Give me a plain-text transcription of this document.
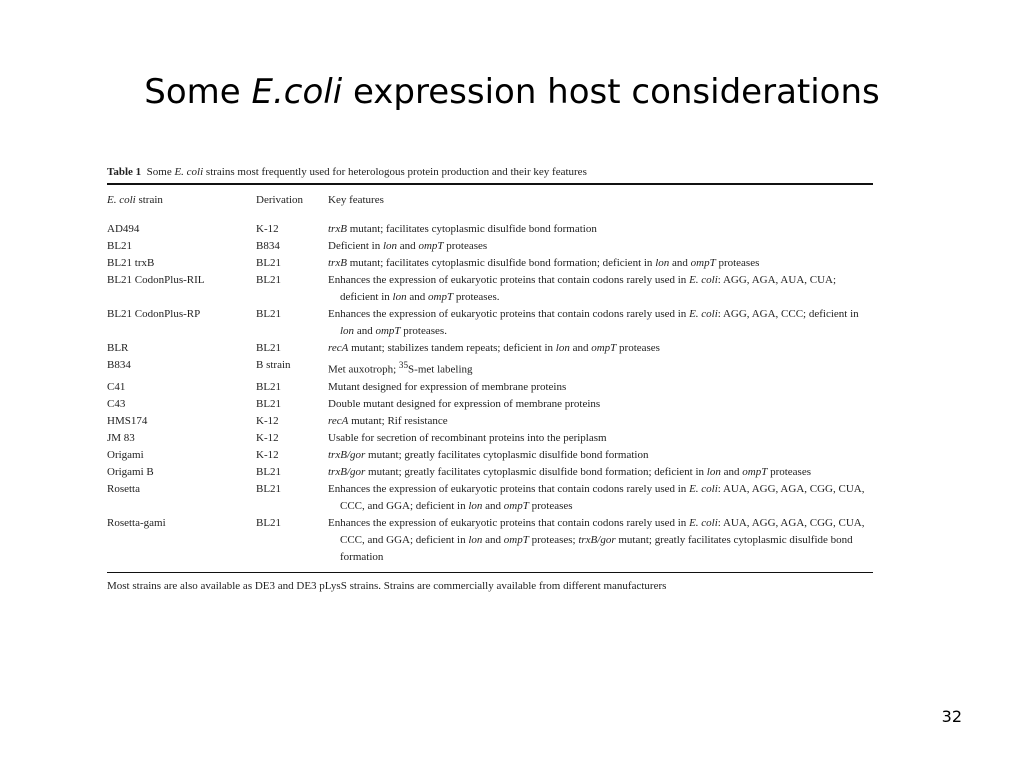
Some E.coli expression host considerations
Table 1 Some E. coli strains most frequently used for heterologous protein production and their key features
E. coli strain	Derivation	Key features
AD494	K-12	trxB mutant; facilitates cytoplasmic disulfide bond formation
BL21	B834	Deficient in lon and ompT proteases
BL21 trxB	BL21	trxB mutant; facilitates cytoplasmic disulfide bond formation; deficient in lon and ompT proteases
BL21 CodonPlus-RIL	BL21	Enhances the expression of eukaryotic proteins that contain codons rarely used in E. coli: AGG, AGA, AUA, CUA; deficient in lon and ompT proteases.
BL21 CodonPlus-RP	BL21	Enhances the expression of eukaryotic proteins that contain codons rarely used in E. coli: AGG, AGA, CCC; deficient in lon and ompT proteases.
BLR	BL21	recA mutant; stabilizes tandem repeats; deficient in lon and ompT proteases
B834	B strain	Met auxotroph; $^{35}$S-met labeling
C41	BL21	Mutant designed for expression of membrane proteins
C43	BL21	Double mutant designed for expression of membrane proteins
HMS174	K-12	recA mutant; Rif resistance
JM 83	K-12	Usable for secretion of recombinant proteins into the periplasm
Origami	K-12	trxB/gor mutant; greatly facilitates cytoplasmic disulfide bond formation
Origami B	BL21	trxB/gor mutant; greatly facilitates cytoplasmic disulfide bond formation; deficient in lon and ompT proteases
Rosetta	BL21	Enhances the expression of eukaryotic proteins that contain codons rarely used in E. coli: AUA, AGG, AGA, CGG, CUA, CCC, and GGA; deficient in lon and ompT proteases
Rosetta-gami	BL21	Enhances the expression of eukaryotic proteins that contain codons rarely used in E. coli: AUA, AGG, AGA, CGG, CUA, CCC, and GGA; deficient in lon and ompT proteases; trxB/gor mutant; greatly facilitates cytoplasmic disulfide bond formation
Most strains are also available as DE3 and DE3 pLysS strains. Strains are commercially available from different manufacturers
32
